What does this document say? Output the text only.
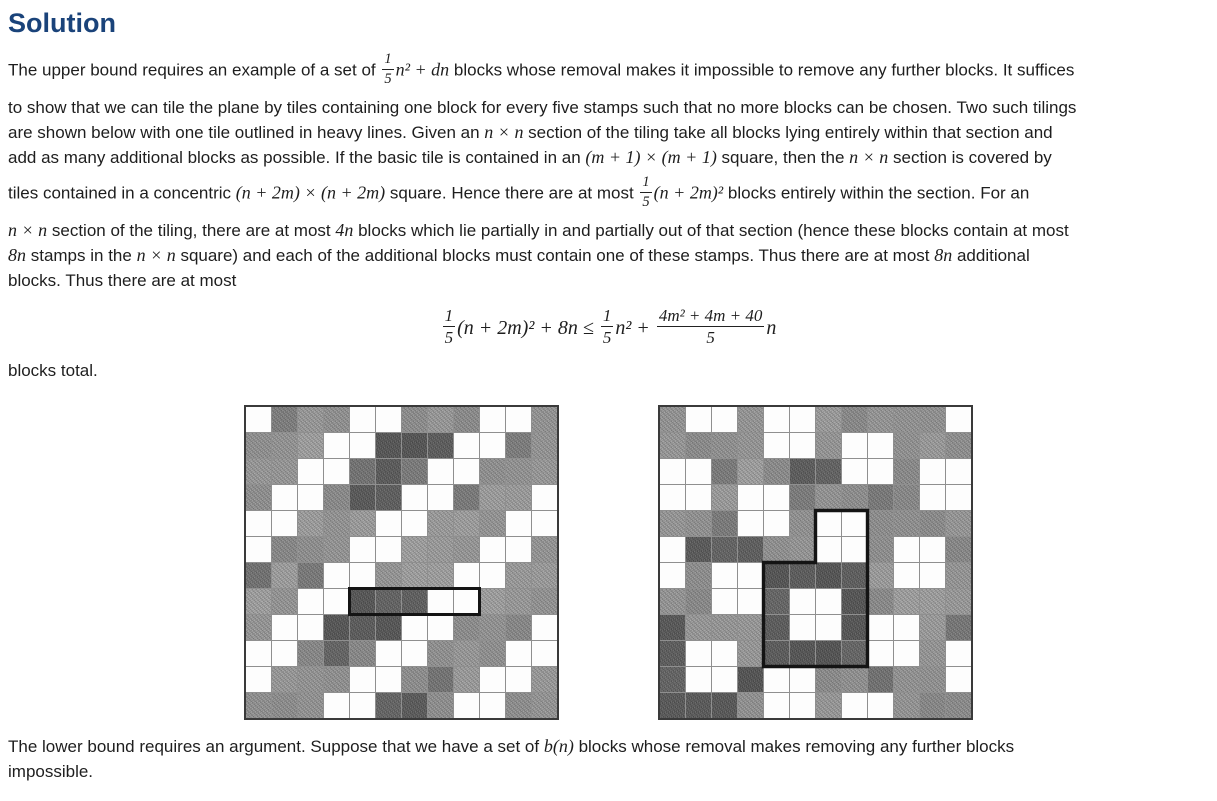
Solution
The upper bound requires an example of a set of $\frac{1}{5} n^2$ + dn blocks whose removal makes it impossible to remove any further blocks. It suffices
to show that we can tile the plane by tiles containing one block for every five stamps such that no more blocks can be chosen. Two such tilings
are shown below with one tile outlined in heavy lines. Given an n × n section of the tiling take all blocks lying entirely within that section and
add as many additional blocks as possible. If the basic tile is contained in an (m + 1) × (m + 1) square, then the n × n section is covered by
tiles contained in a concentric (n + 2m) × (n + 2m) square. Hence there are at most $\frac{1}{5} (n + 2m)^2$ blocks entirely within the section. For an
n × n section of the tiling, there are at most 4n blocks which lie partially in and partially out of that section (hence these blocks contain at most
8n stamps in the n × n square) and each of the additional blocks must contain one of these stamps. Thus there are at most 8n additional
blocks. Thus there are at most
$\frac{1}{5} (n + 2m)^2 + 8n \le \frac{1}{5} n^2 + \frac{\text{4m² + 4m + 40}}{5}$ n
blocks total.
The lower bound requires an argument. Suppose that we have a set of b(n) blocks whose removal makes removing any further blocks
impossible.
